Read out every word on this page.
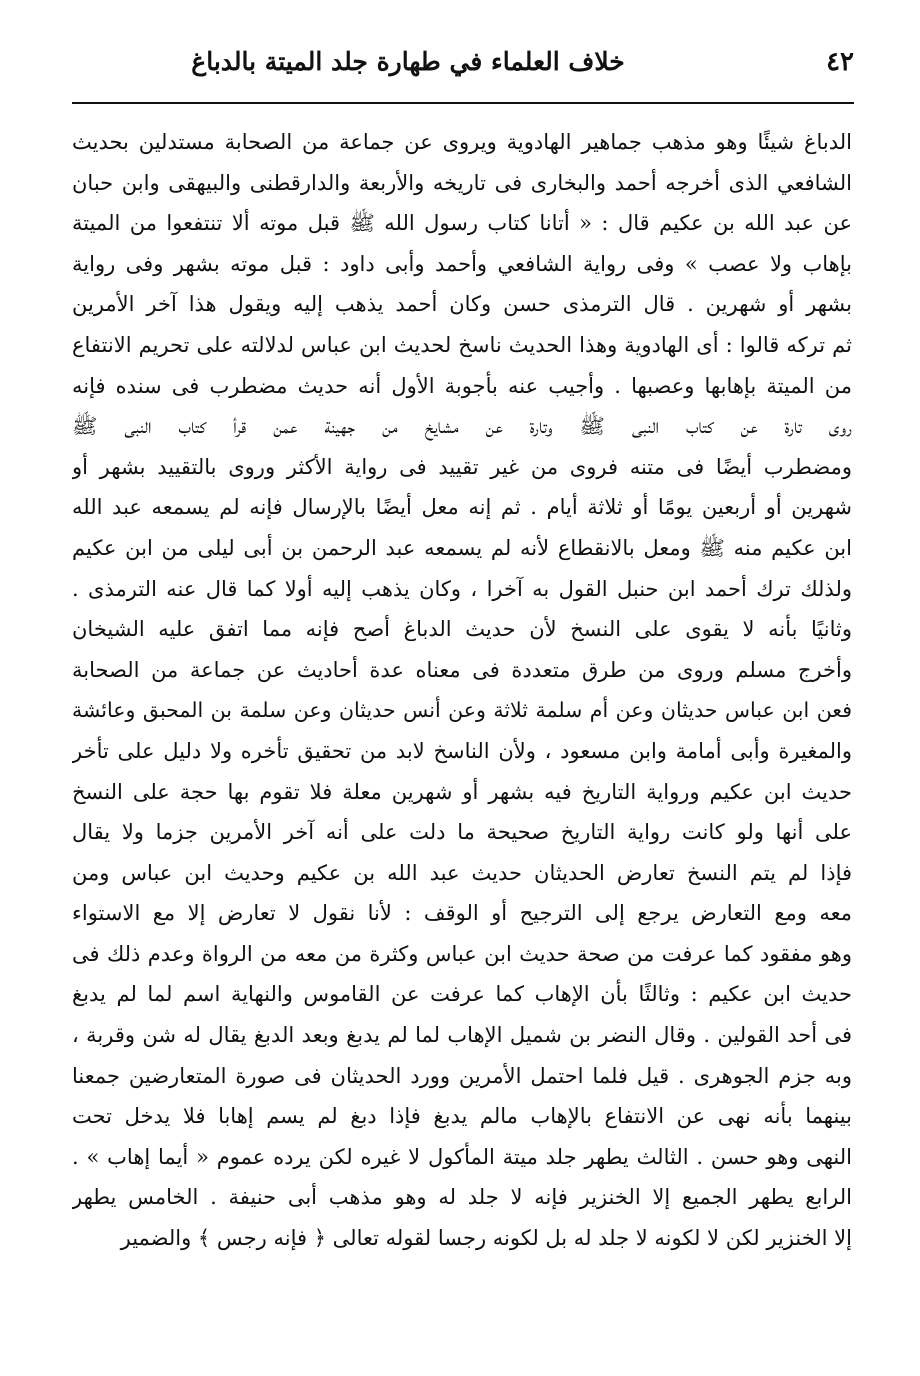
٤٢
خلاف العلماء في طهارة جلد الميتة بالدباغ
الدباغ شيئًا وهو مذهب جماهير الهادوية ويروى عن جماعة من الصحابة مستدلين بحديث
الشافعي الذى أخرجه أحمد والبخارى فى تاريخه والأربعة والدارقطنى والبيهقى وابن حبان
عن عبد الله بن عكيم قال : « أتانا كتاب رسول الله ﷺ قبل موته ألا تنتفعوا من الميتة
بإهاب ولا عصب » وفى رواية الشافعي وأحمد وأبى داود : قبل موته بشهر وفى رواية
بشهر أو شهرين . قال الترمذى حسن وكان أحمد يذهب إليه ويقول هذا آخر الأمرين
ثم تركه قالوا : أى الهادوية وهذا الحديث ناسخ لحديث ابن عباس لدلالته على تحريم الانتفاع
من الميتة بإهابها وعصبها . وأجيب عنه بأجوبة الأول أنه حديث مضطرب فى سنده فإنه
روى تارة عن كتاب النبى ﷺ وتارة عن مشايخ من جهينة عمن قرأ كتاب النبى ﷺ
ومضطرب أيضًا فى متنه فروى من غير تقييد فى رواية الأكثر وروى بالتقييد بشهر أو
شهرين أو أربعين يومًا أو ثلاثة أيام . ثم إنه معل أيضًا بالإرسال فإنه لم يسمعه عبد الله
ابن عكيم منه ﷺ ومعل بالانقطاع لأنه لم يسمعه عبد الرحمن بن أبى ليلى من ابن عكيم
ولذلك ترك أحمد ابن حنبل القول به آخرا ، وكان يذهب إليه أولا كما قال عنه الترمذى .
وثانيًا بأنه لا يقوى على النسخ لأن حديث الدباغ أصح فإنه مما اتفق عليه الشيخان
وأخرج مسلم وروى من طرق متعددة فى معناه عدة أحاديث عن جماعة من الصحابة
فعن ابن عباس حديثان وعن أم سلمة ثلاثة وعن أنس حديثان وعن سلمة بن المحبق وعائشة
والمغيرة وأبى أمامة وابن مسعود ، ولأن الناسخ لابد من تحقيق تأخره ولا دليل على تأخر
حديث ابن عكيم ورواية التاريخ فيه بشهر أو شهرين معلة فلا تقوم بها حجة على النسخ
على أنها ولو كانت رواية التاريخ صحيحة ما دلت على أنه آخر الأمرين جزما ولا يقال
فإذا لم يتم النسخ تعارض الحديثان حديث عبد الله بن عكيم وحديث ابن عباس ومن
معه ومع التعارض يرجع إلى الترجيح أو الوقف : لأنا نقول لا تعارض إلا مع الاستواء
وهو مفقود كما عرفت من صحة حديث ابن عباس وكثرة من معه من الرواة وعدم ذلك فى
حديث ابن عكيم : وثالثًا بأن الإهاب كما عرفت عن القاموس والنهاية اسم لما لم يدبغ
فى أحد القولين . وقال النضر بن شميل الإهاب لما لم يدبغ وبعد الدبغ يقال له شن وقربة ،
وبه جزم الجوهرى . قيل فلما احتمل الأمرين وورد الحديثان فى صورة المتعارضين جمعنا
بينهما بأنه نهى عن الانتفاع بالإهاب مالم يدبغ فإذا دبغ لم يسم إهابا فلا يدخل تحت
النهى وهو حسن . الثالث يطهر جلد ميتة المأكول لا غيره لكن يرده عموم « أيما إهاب » .
الرابع يطهر الجميع إلا الخنزير فإنه لا جلد له وهو مذهب أبى حنيفة . الخامس يطهر
إلا الخنزير لكن لا لكونه لا جلد له بل لكونه رجسا لقوله تعالى ﴿ فإنه رجس ﴾ والضمير
